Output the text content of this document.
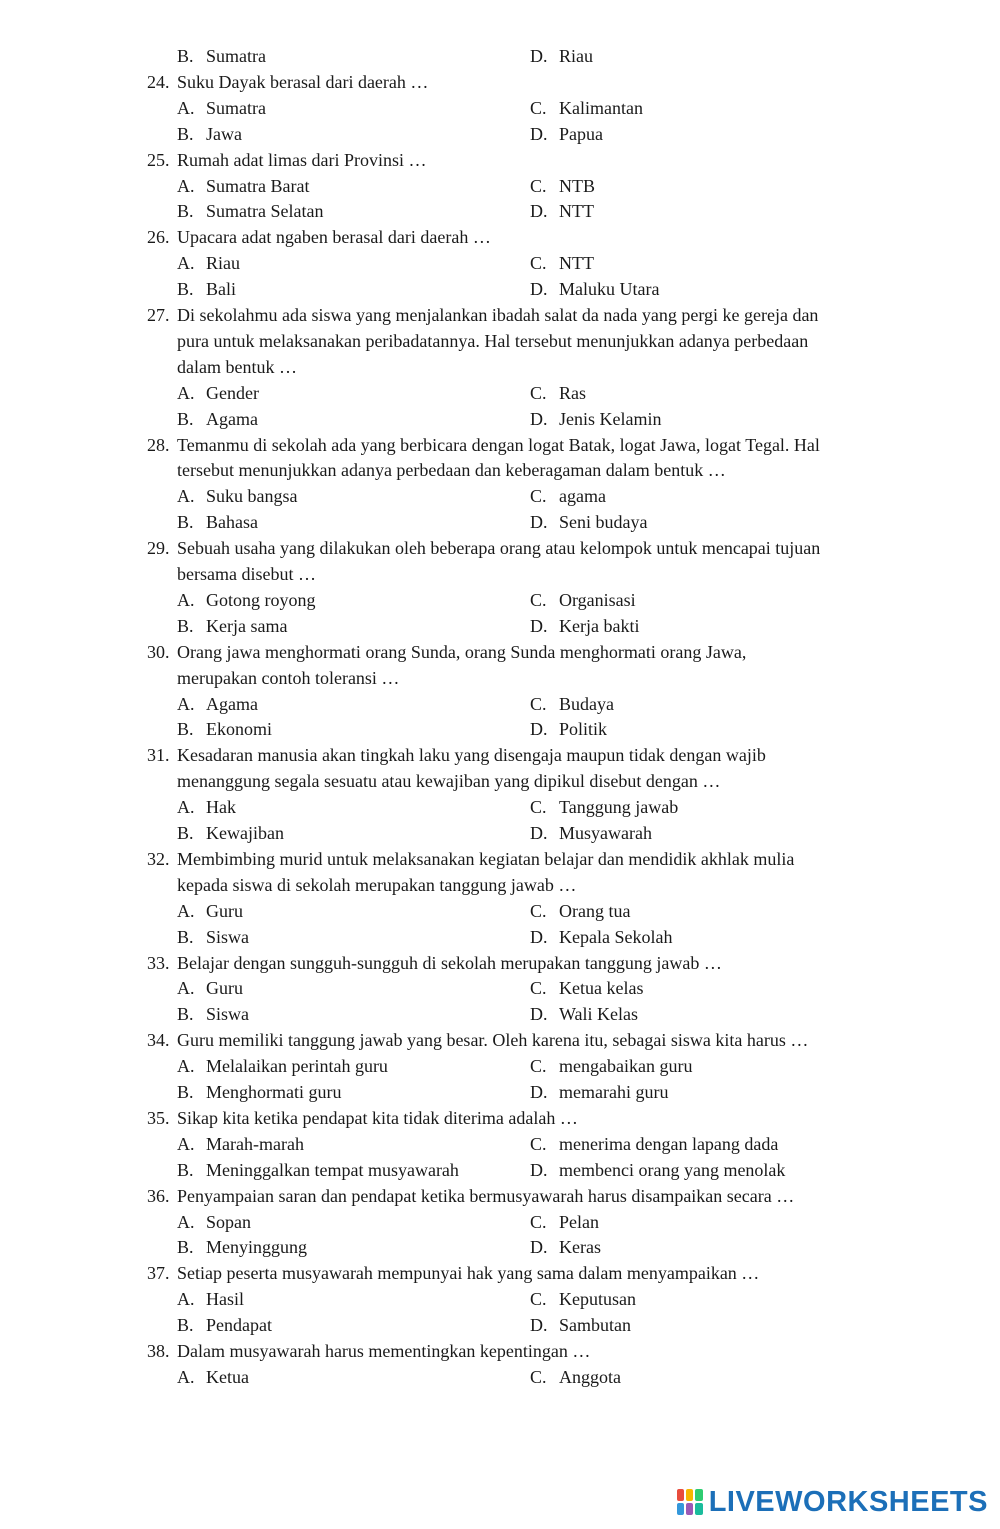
B. Sumatra	D. Riau
24. Suku Dayak berasal dari daerah …
A. Sumatra	C. Kalimantan
B. Jawa	D. Papua
25. Rumah adat limas dari Provinsi …
A. Sumatra Barat	C. NTB
B. Sumatra Selatan	D. NTT
26. Upacara adat ngaben berasal dari daerah …
A. Riau	C. NTT
B. Bali	D. Maluku Utara
27. Di sekolahmu ada siswa yang menjalankan ibadah salat da nada yang pergi ke gereja dan
pura untuk melaksanakan peribadatannya. Hal tersebut menunjukkan adanya perbedaan
dalam bentuk …
A. Gender	C. Ras
B. Agama	D. Jenis Kelamin
28. Temanmu di sekolah ada yang berbicara dengan logat Batak, logat Jawa, logat Tegal. Hal
tersebut menunjukkan adanya perbedaan dan keberagaman dalam bentuk …
A. Suku bangsa	C. agama
B. Bahasa	D. Seni budaya
29. Sebuah usaha yang dilakukan oleh beberapa orang atau kelompok untuk mencapai tujuan
bersama disebut …
A. Gotong royong	C. Organisasi
B. Kerja sama	D. Kerja bakti
30. Orang jawa menghormati orang Sunda, orang Sunda menghormati orang Jawa,
merupakan contoh toleransi …
A. Agama	C. Budaya
B. Ekonomi	D. Politik
31. Kesadaran manusia akan tingkah laku yang disengaja maupun tidak dengan wajib
menanggung segala sesuatu atau kewajiban yang dipikul disebut dengan …
A. Hak	C. Tanggung jawab
B. Kewajiban	D. Musyawarah
32. Membimbing murid untuk melaksanakan kegiatan belajar dan mendidik akhlak mulia
kepada siswa di sekolah merupakan tanggung jawab …
A. Guru	C. Orang tua
B. Siswa	D. Kepala Sekolah
33. Belajar dengan sungguh-sungguh di sekolah merupakan tanggung jawab …
A. Guru	C. Ketua kelas
B. Siswa	D. Wali Kelas
34. Guru memiliki tanggung jawab yang besar. Oleh karena itu, sebagai siswa kita harus …
A. Melalaikan perintah guru	C. mengabaikan guru
B. Menghormati guru	D. memarahi guru
35. Sikap kita ketika pendapat kita tidak diterima adalah …
A. Marah-marah	C. menerima dengan lapang dada
B. Meninggalkan tempat musyawarah	D. membenci orang yang menolak
36. Penyampaian saran dan pendapat ketika bermusyawarah harus disampaikan secara …
A. Sopan	C. Pelan
B. Menyinggung	D. Keras
37. Setiap peserta musyawarah mempunyai hak yang sama dalam menyampaikan …
A. Hasil	C. Keputusan
B. Pendapat	D. Sambutan
38. Dalam musyawarah harus mementingkan kepentingan …
A. Ketua	C. Anggota
LIVEWORKSHEETS
